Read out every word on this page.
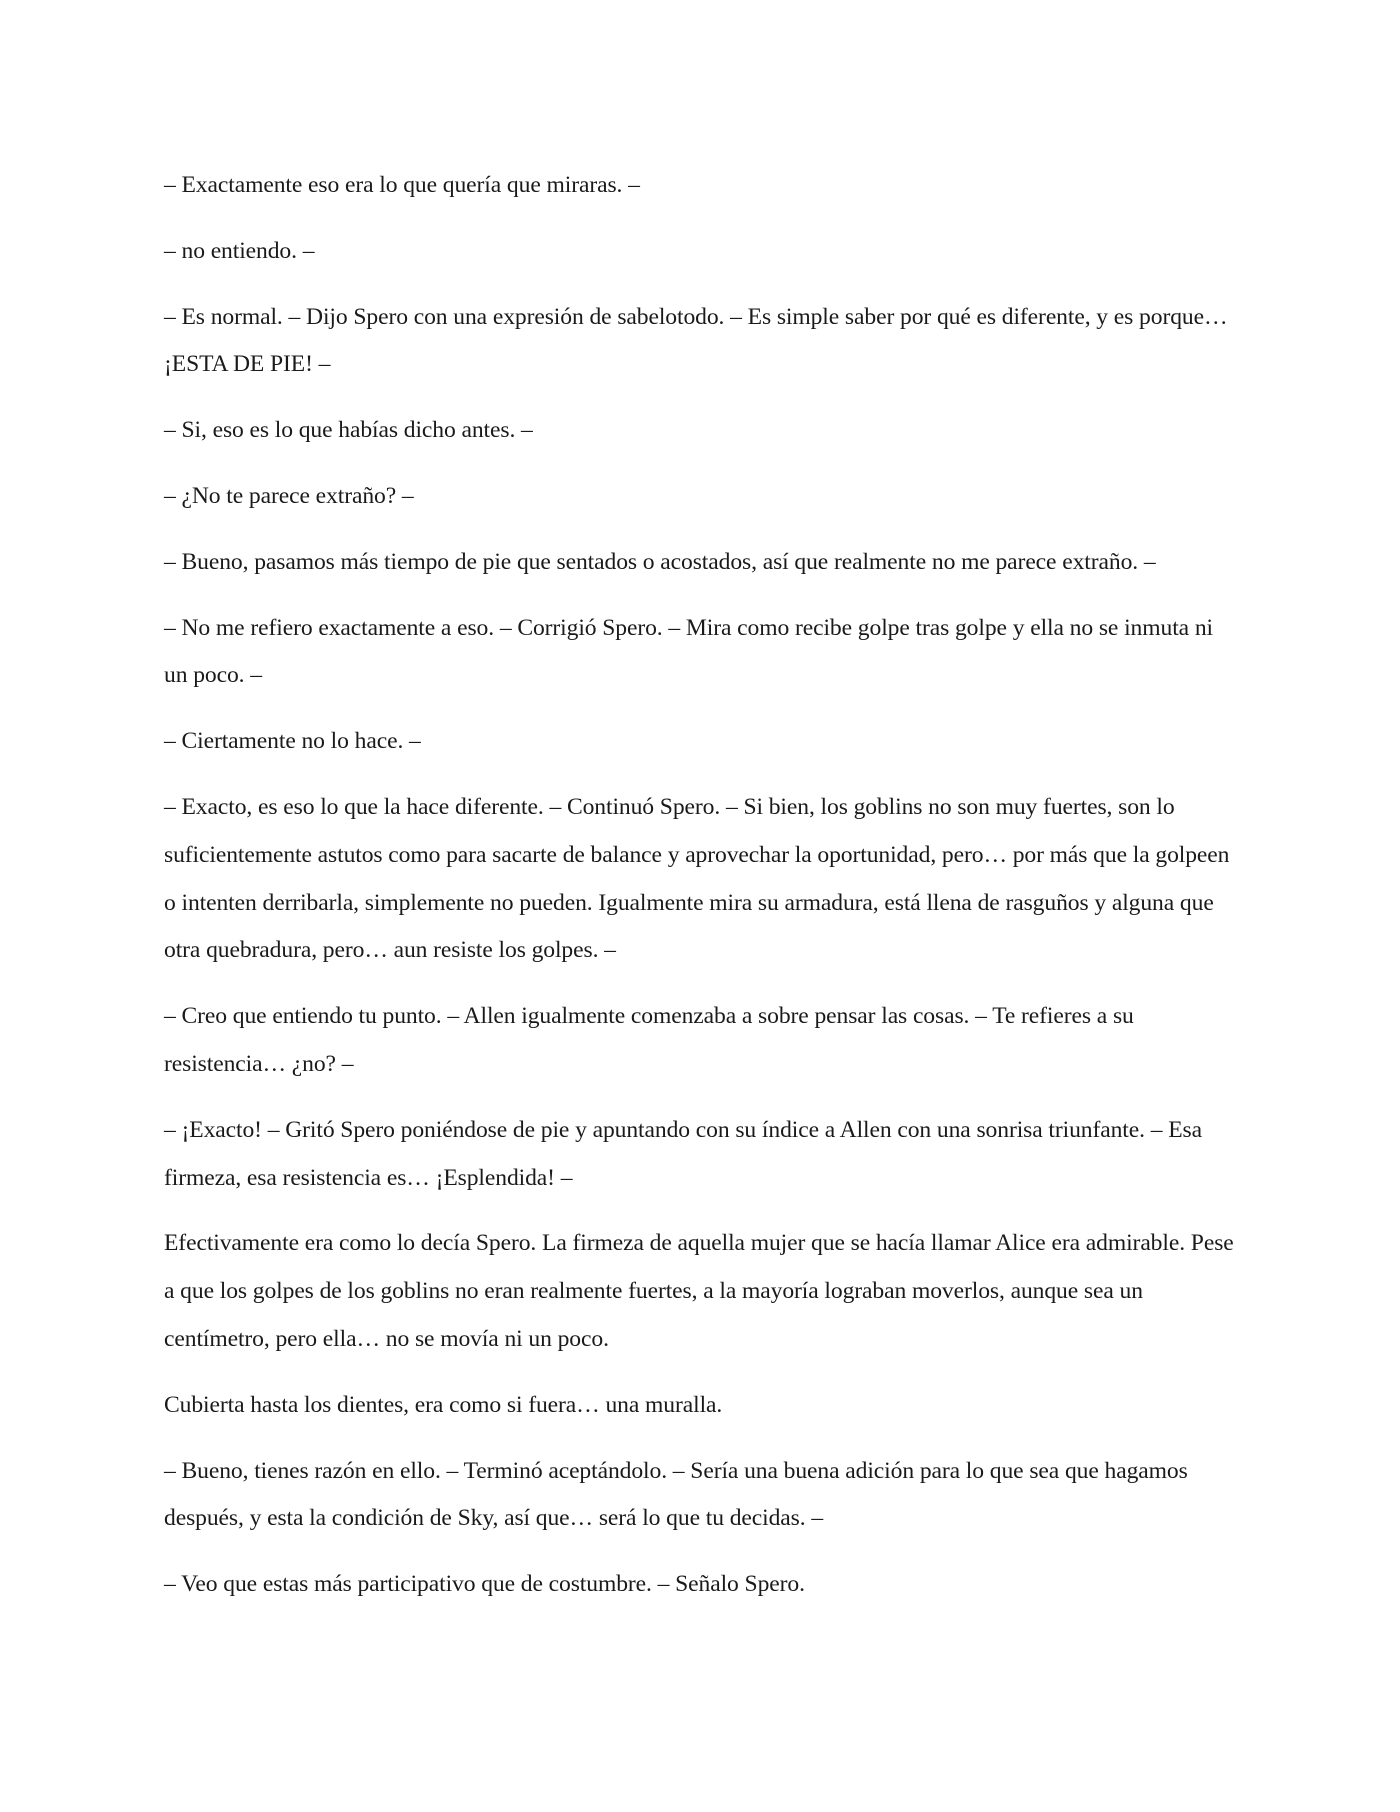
– Exactamente eso era lo que quería que miraras. –

– no entiendo. –

– Es normal. – Dijo Spero con una expresión de sabelotodo. – Es simple saber por qué es diferente, y es porque… ¡ESTA DE PIE! –

– Si, eso es lo que habías dicho antes. –

– ¿No te parece extraño? –

– Bueno, pasamos más tiempo de pie que sentados o acostados, así que realmente no me parece extraño. –

– No me refiero exactamente a eso. – Corrigió Spero. – Mira como recibe golpe tras golpe y ella no se inmuta ni un poco. –

– Ciertamente no lo hace. –

– Exacto, es eso lo que la hace diferente. – Continuó Spero. – Si bien, los goblins no son muy fuertes, son lo suficientemente astutos como para sacarte de balance y aprovechar la oportunidad, pero… por más que la golpeen o intenten derribarla, simplemente no pueden. Igualmente mira su armadura, está llena de rasguños y alguna que otra quebradura, pero… aun resiste los golpes. –

– Creo que entiendo tu punto. – Allen igualmente comenzaba a sobre pensar las cosas. – Te refieres a su resistencia… ¿no? –

– ¡Exacto! – Gritó Spero poniéndose de pie y apuntando con su índice a Allen con una sonrisa triunfante. – Esa firmeza, esa resistencia es… ¡Esplendida! –

Efectivamente era como lo decía Spero. La firmeza de aquella mujer que se hacía llamar Alice era admirable. Pese a que los golpes de los goblins no eran realmente fuertes, a la mayoría lograban moverlos, aunque sea un centímetro, pero ella… no se movía ni un poco.

Cubierta hasta los dientes, era como si fuera… una muralla.

– Bueno, tienes razón en ello. – Terminó aceptándolo. – Sería una buena adición para lo que sea que hagamos después, y esta la condición de Sky, así que… será lo que tu decidas. –

– Veo que estas más participativo que de costumbre. – Señalo Spero.
